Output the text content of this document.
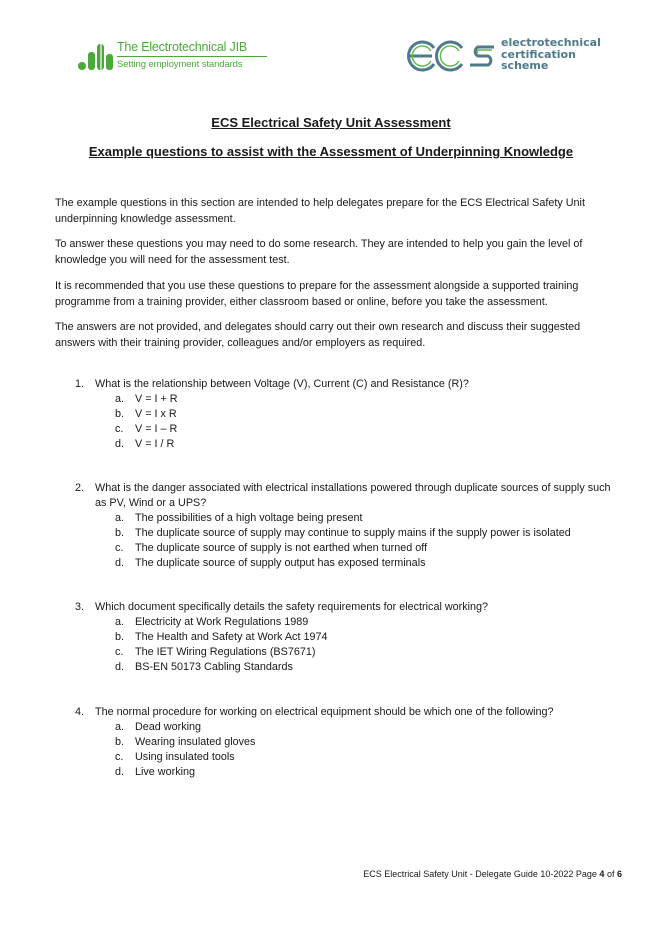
The Electrotechnical JIB
Setting employment standards
electrotechnical
certification
scheme
ECS Electrical Safety Unit Assessment
Example questions to assist with the Assessment of Underpinning Knowledge
The example questions in this section are intended to help delegates prepare for the ECS Electrical Safety Unit underpinning knowledge assessment.
To answer these questions you may need to do some research. They are intended to help you gain the level of knowledge you will need for the assessment test.
It is recommended that you use these questions to prepare for the assessment alongside a supported training programme from a training provider, either classroom based or online, before you take the assessment.
The answers are not provided, and delegates should carry out their own research and discuss their suggested answers with their training provider, colleagues and/or employers as required.
1. What is the relationship between Voltage (V), Current (C) and Resistance (R)?
a. V = I + R
b. V = I x R
c. V = I – R
d. V = I / R
2. What is the danger associated with electrical installations powered through duplicate sources of supply such as PV, Wind or a UPS?
a. The possibilities of a high voltage being present
b. The duplicate source of supply may continue to supply mains if the supply power is isolated
c. The duplicate source of supply is not earthed when turned off
d. The duplicate source of supply output has exposed terminals
3. Which document specifically details the safety requirements for electrical working?
a. Electricity at Work Regulations 1989
b. The Health and Safety at Work Act 1974
c. The IET Wiring Regulations (BS7671)
d. BS-EN 50173 Cabling Standards
4. The normal procedure for working on electrical equipment should be which one of the following?
a. Dead working
b. Wearing insulated gloves
c. Using insulated tools
d. Live working
ECS Electrical Safety Unit - Delegate Guide 10-2022 Page 4 of 6
